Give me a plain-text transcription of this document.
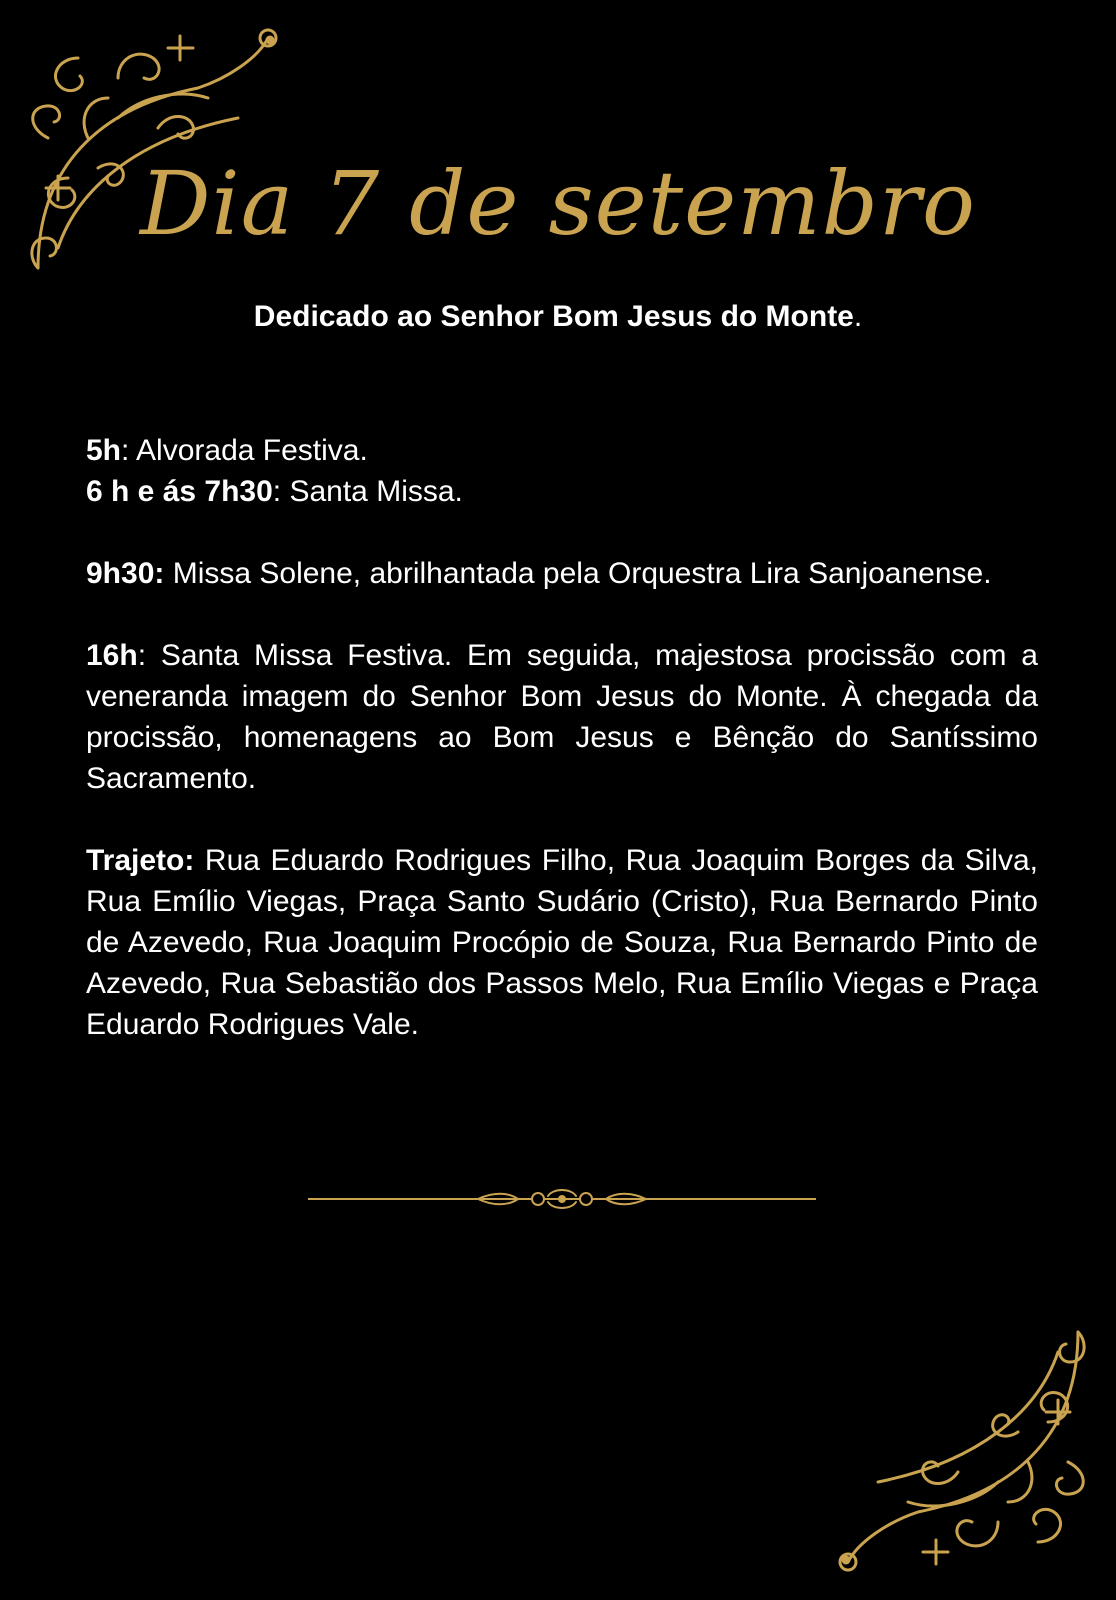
Dia 7 de setembro
Dedicado ao Senhor Bom Jesus do Monte.

5h: Alvorada Festiva.

6 h e ás 7h30: Santa Missa.

9h30: Missa Solene, abrilhantada pela Orquestra Lira Sanjoanense.

16h: Santa Missa Festiva. Em seguida, majestosa procissão com a veneranda imagem do Senhor Bom Jesus do Monte. À chegada da procissão, homenagens ao Bom Jesus e Bênção do Santíssimo Sacramento.

Trajeto: Rua Eduardo Rodrigues Filho, Rua Joaquim Borges da Silva, Rua Emílio Viegas, Praça Santo Sudário (Cristo), Rua Bernardo Pinto de Azevedo, Rua Joaquim Procópio de Souza, Rua Bernardo Pinto de Azevedo, Rua Sebastião dos Passos Melo, Rua Emílio Viegas e Praça Eduardo Rodrigues Vale.
